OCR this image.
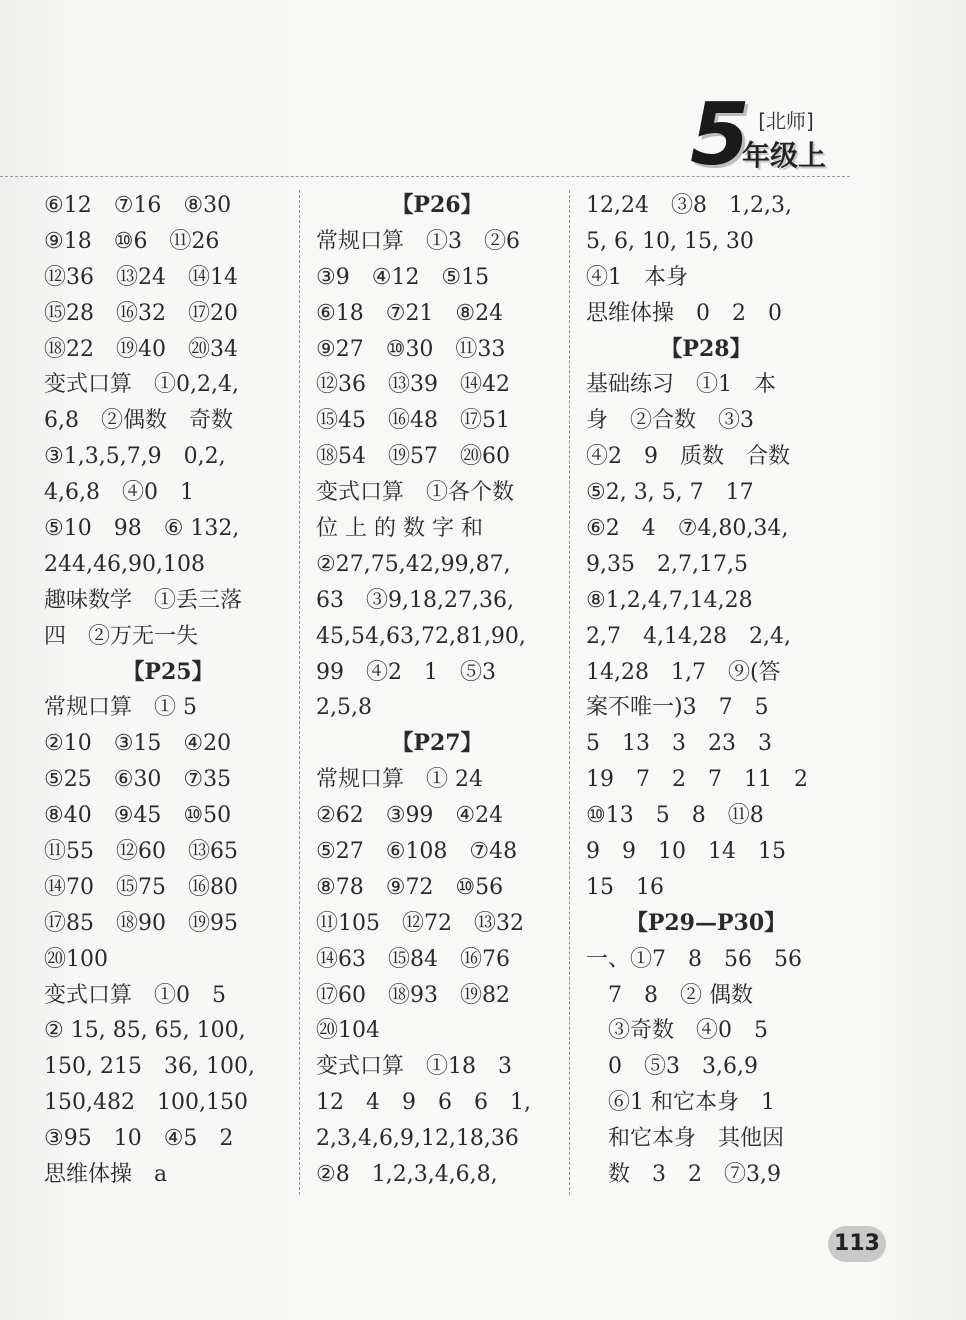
5 [北师]
年级上
⑥12　⑦16　⑧30
⑨18　⑩6　⑪26
⑫36　⑬24　⑭14
⑮28　⑯32　⑰20
⑱22　⑲40　⑳34
变式口算　①0,2,4,
6,8　②偶数　奇数
③1,3,5,7,9　0,2,
4,6,8　④0　1
⑤10　98　⑥ 132,
244,46,90,108
趣味数学　①丢三落
四　②万无一失
【P25】
常规口算　① 5
②10　③15　④20
⑤25　⑥30　⑦35
⑧40　⑨45　⑩50
⑪55　⑫60　⑬65
⑭70　⑮75　⑯80
⑰85　⑱90　⑲95
⑳100
变式口算　①0　5
② 15, 85, 65, 100,
150, 215　36, 100,
150,482　100,150
③95　10　④5　2
思维体操　a
【P26】
常规口算　①3　②6
③9　④12　⑤15
⑥18　⑦21　⑧24
⑨27　⑩30　⑪33
⑫36　⑬39　⑭42
⑮45　⑯48　⑰51
⑱54　⑲57　⑳60
变式口算　①各个数
位 上 的 数 字 和
②27,75,42,99,87,
63　③9,18,27,36,
45,54,63,72,81,90,
99　④2　1　⑤3
2,5,8
【P27】
常规口算　① 24
②62　③99　④24
⑤27　⑥108　⑦48
⑧78　⑨72　⑩56
⑪105　⑫72　⑬32
⑭63　⑮84　⑯76
⑰60　⑱93　⑲82
⑳104
变式口算　①18　3
12　4　9　6　6　1,
2,3,4,6,9,12,18,36
②8　1,2,3,4,6,8,
12,24　③8　1,2,3,
5, 6, 10, 15, 30
④1　本身
思维体操　0　2　0
【P28】
基础练习　①1　本
身　②合数　③3
④2　9　质数　合数
⑤2, 3, 5, 7　17
⑥2　4　⑦4,80,34,
9,35　2,7,17,5
⑧1,2,4,7,14,28
2,7　4,14,28　2,4,
14,28　1,7　⑨(答
案不唯一)3　7　5
5　13　3　23　3
19　7　2　7　11　2
⑩13　5　8　⑪8
9　9　10　14　15
15　16
【P29—P30】
一、①7　8　56　56
　7　8　② 偶数
　③奇数　④0　5
　0　⑤3　3,6,9
　⑥1 和它本身　1
　和它本身　其他因
　数　3　2　⑦3,9
113
